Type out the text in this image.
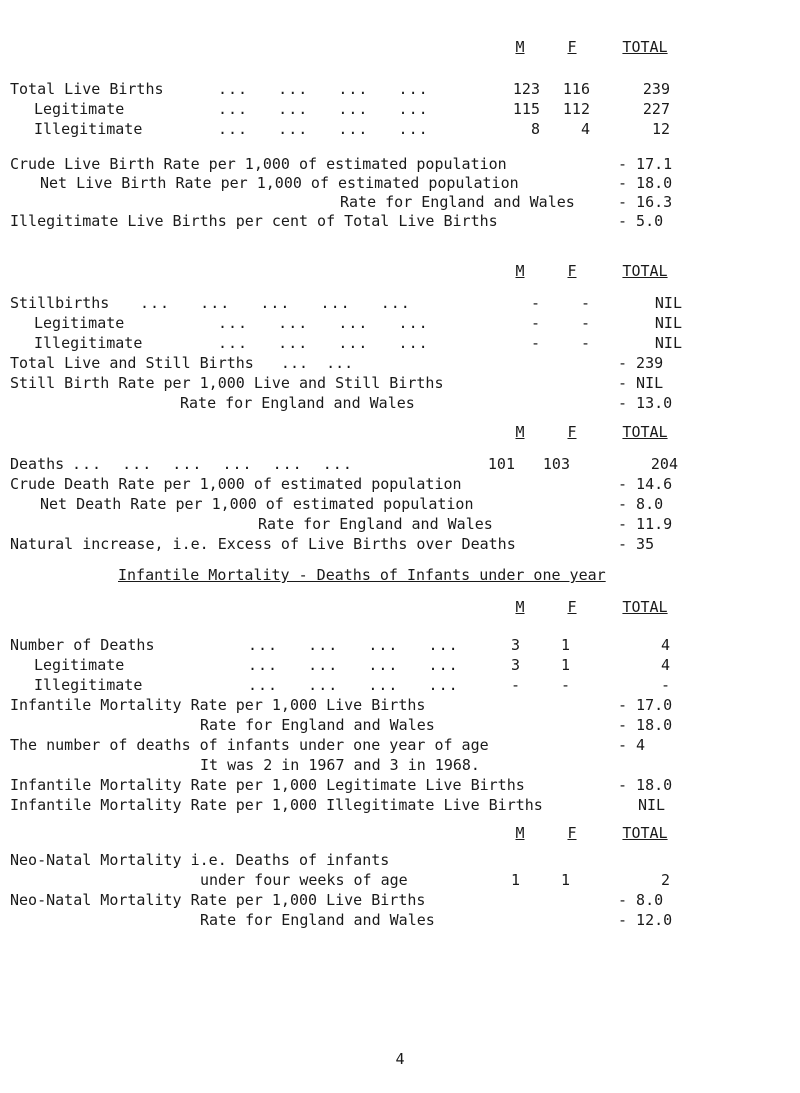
M	F	TOTAL
Total Live Births	...   ...   ...   ...	123	116	239
Legitimate	...   ...   ...   ...	115	112	227
Illegitimate	...   ...   ...   ...	8	4	12
Crude Live Birth Rate per 1,000 of estimated population	- 17.1
Net Live Birth Rate per 1,000 of estimated population	- 18.0
Rate for England and Wales	- 16.3
Illegitimate Live Births per cent of Total Live Births	- 5.0
M	F	TOTAL
Stillbirths ...   ...   ...   ...   ...	-	-	NIL
Legitimate	...   ...   ...   ...	-	-	NIL
Illegitimate	...   ...   ...   ...	-	-	NIL
Total Live and Still Births   ...  ...	- 239
Still Birth Rate per 1,000 Live and Still Births	- NIL
Rate for England and Wales	- 13.0
M	F	TOTAL
Deaths ...  ...  ...  ...  ...  ...	101	103	204
Crude Death Rate per 1,000 of estimated population	- 14.6
Net Death Rate per 1,000 of estimated population	- 8.0
Rate for England and Wales	- 11.9
Natural increase, i.e. Excess of Live Births over Deaths	- 35
Infantile Mortality - Deaths of Infants under one year
M	F	TOTAL
Number of Deaths	...   ...   ...   ...	3	1	4
Legitimate	...   ...   ...   ...	3	1	4
Illegitimate	...   ...   ...   ...	-	-	-
Infantile Mortality Rate per 1,000 Live Births	- 17.0
Rate for England and Wales	- 18.0
The number of deaths of infants under one year of age	- 4
It was 2 in 1967 and 3 in 1968.
Infantile Mortality Rate per 1,000 Legitimate Live Births	- 18.0
Infantile Mortality Rate per 1,000 Illegitimate Live Births	NIL
M	F	TOTAL
Neo-Natal Mortality i.e. Deaths of infants
under four weeks of age	1	1	2
Neo-Natal Mortality Rate per 1,000 Live Births	- 8.0
Rate for England and Wales	- 12.0
4
